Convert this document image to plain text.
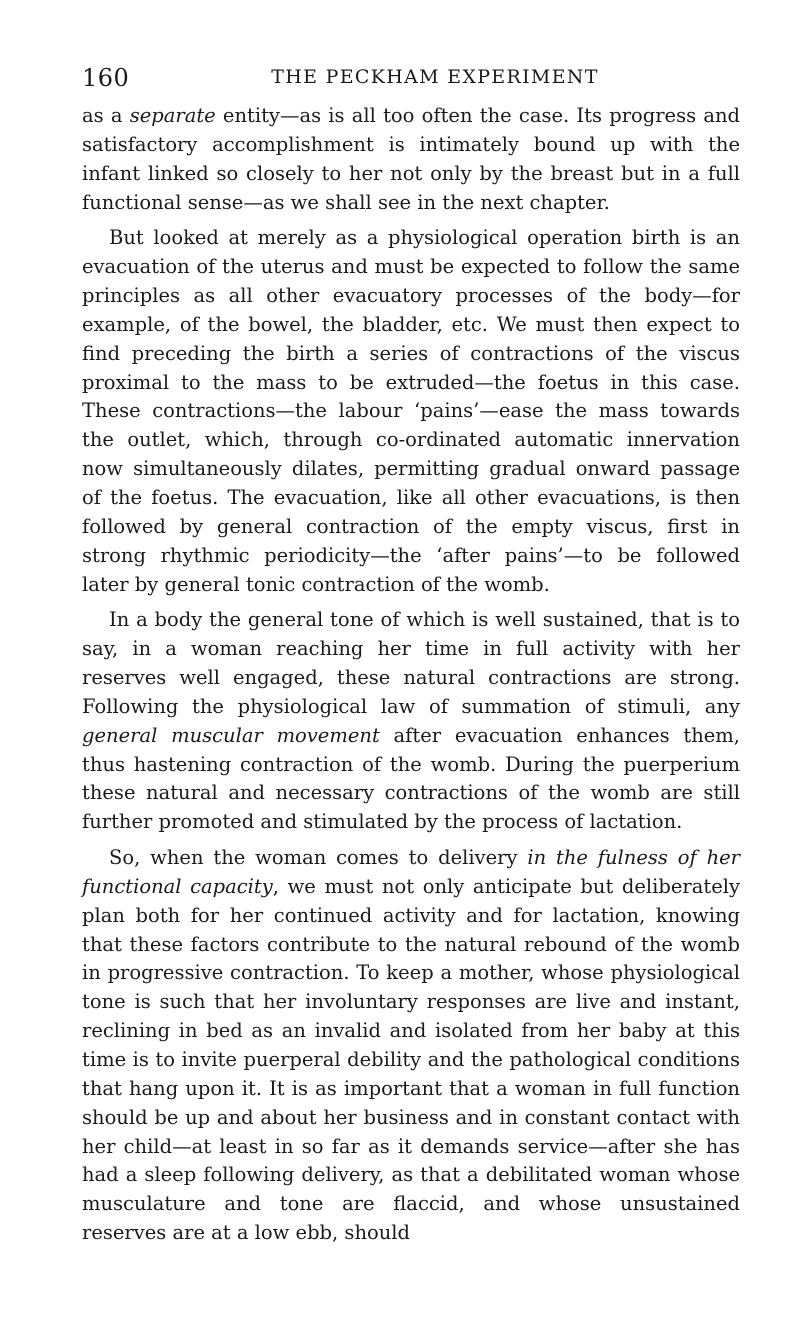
160	THE PECKHAM EXPERIMENT

as a separate entity—as is all too often the case. Its progress and satisfactory accomplishment is intimately bound up with the infant linked so closely to her not only by the breast but in a full functional sense—as we shall see in the next chapter.

But looked at merely as a physiological operation birth is an evacuation of the uterus and must be expected to follow the same principles as all other evacuatory processes of the body—for example, of the bowel, the bladder, etc. We must then expect to find preceding the birth a series of contractions of the viscus proximal to the mass to be extruded—the foetus in this case. These contractions—the labour ‘pains’—ease the mass towards the outlet, which, through co-ordinated automatic innervation now simultaneously dilates, permitting gradual onward passage of the foetus. The evacuation, like all other evacuations, is then followed by general contraction of the empty viscus, first in strong rhythmic periodicity—the ‘after pains’—to be followed later by general tonic contraction of the womb.

In a body the general tone of which is well sustained, that is to say, in a woman reaching her time in full activity with her reserves well engaged, these natural contractions are strong. Following the physiological law of summation of stimuli, any general muscular movement after evacuation enhances them, thus hastening contraction of the womb. During the puerperium these natural and necessary contractions of the womb are still further promoted and stimulated by the process of lactation.

So, when the woman comes to delivery in the fulness of her functional capacity, we must not only anticipate but deliberately plan both for her continued activity and for lactation, knowing that these factors contribute to the natural rebound of the womb in progressive contraction. To keep a mother, whose physiological tone is such that her involuntary responses are live and instant, reclining in bed as an invalid and isolated from her baby at this time is to invite puerperal debility and the pathological conditions that hang upon it. It is as important that a woman in full function should be up and about her business and in constant contact with her child—at least in so far as it demands service—after she has had a sleep following delivery, as that a debilitated woman whose musculature and tone are flaccid, and whose unsustained reserves are at a low ebb, should
